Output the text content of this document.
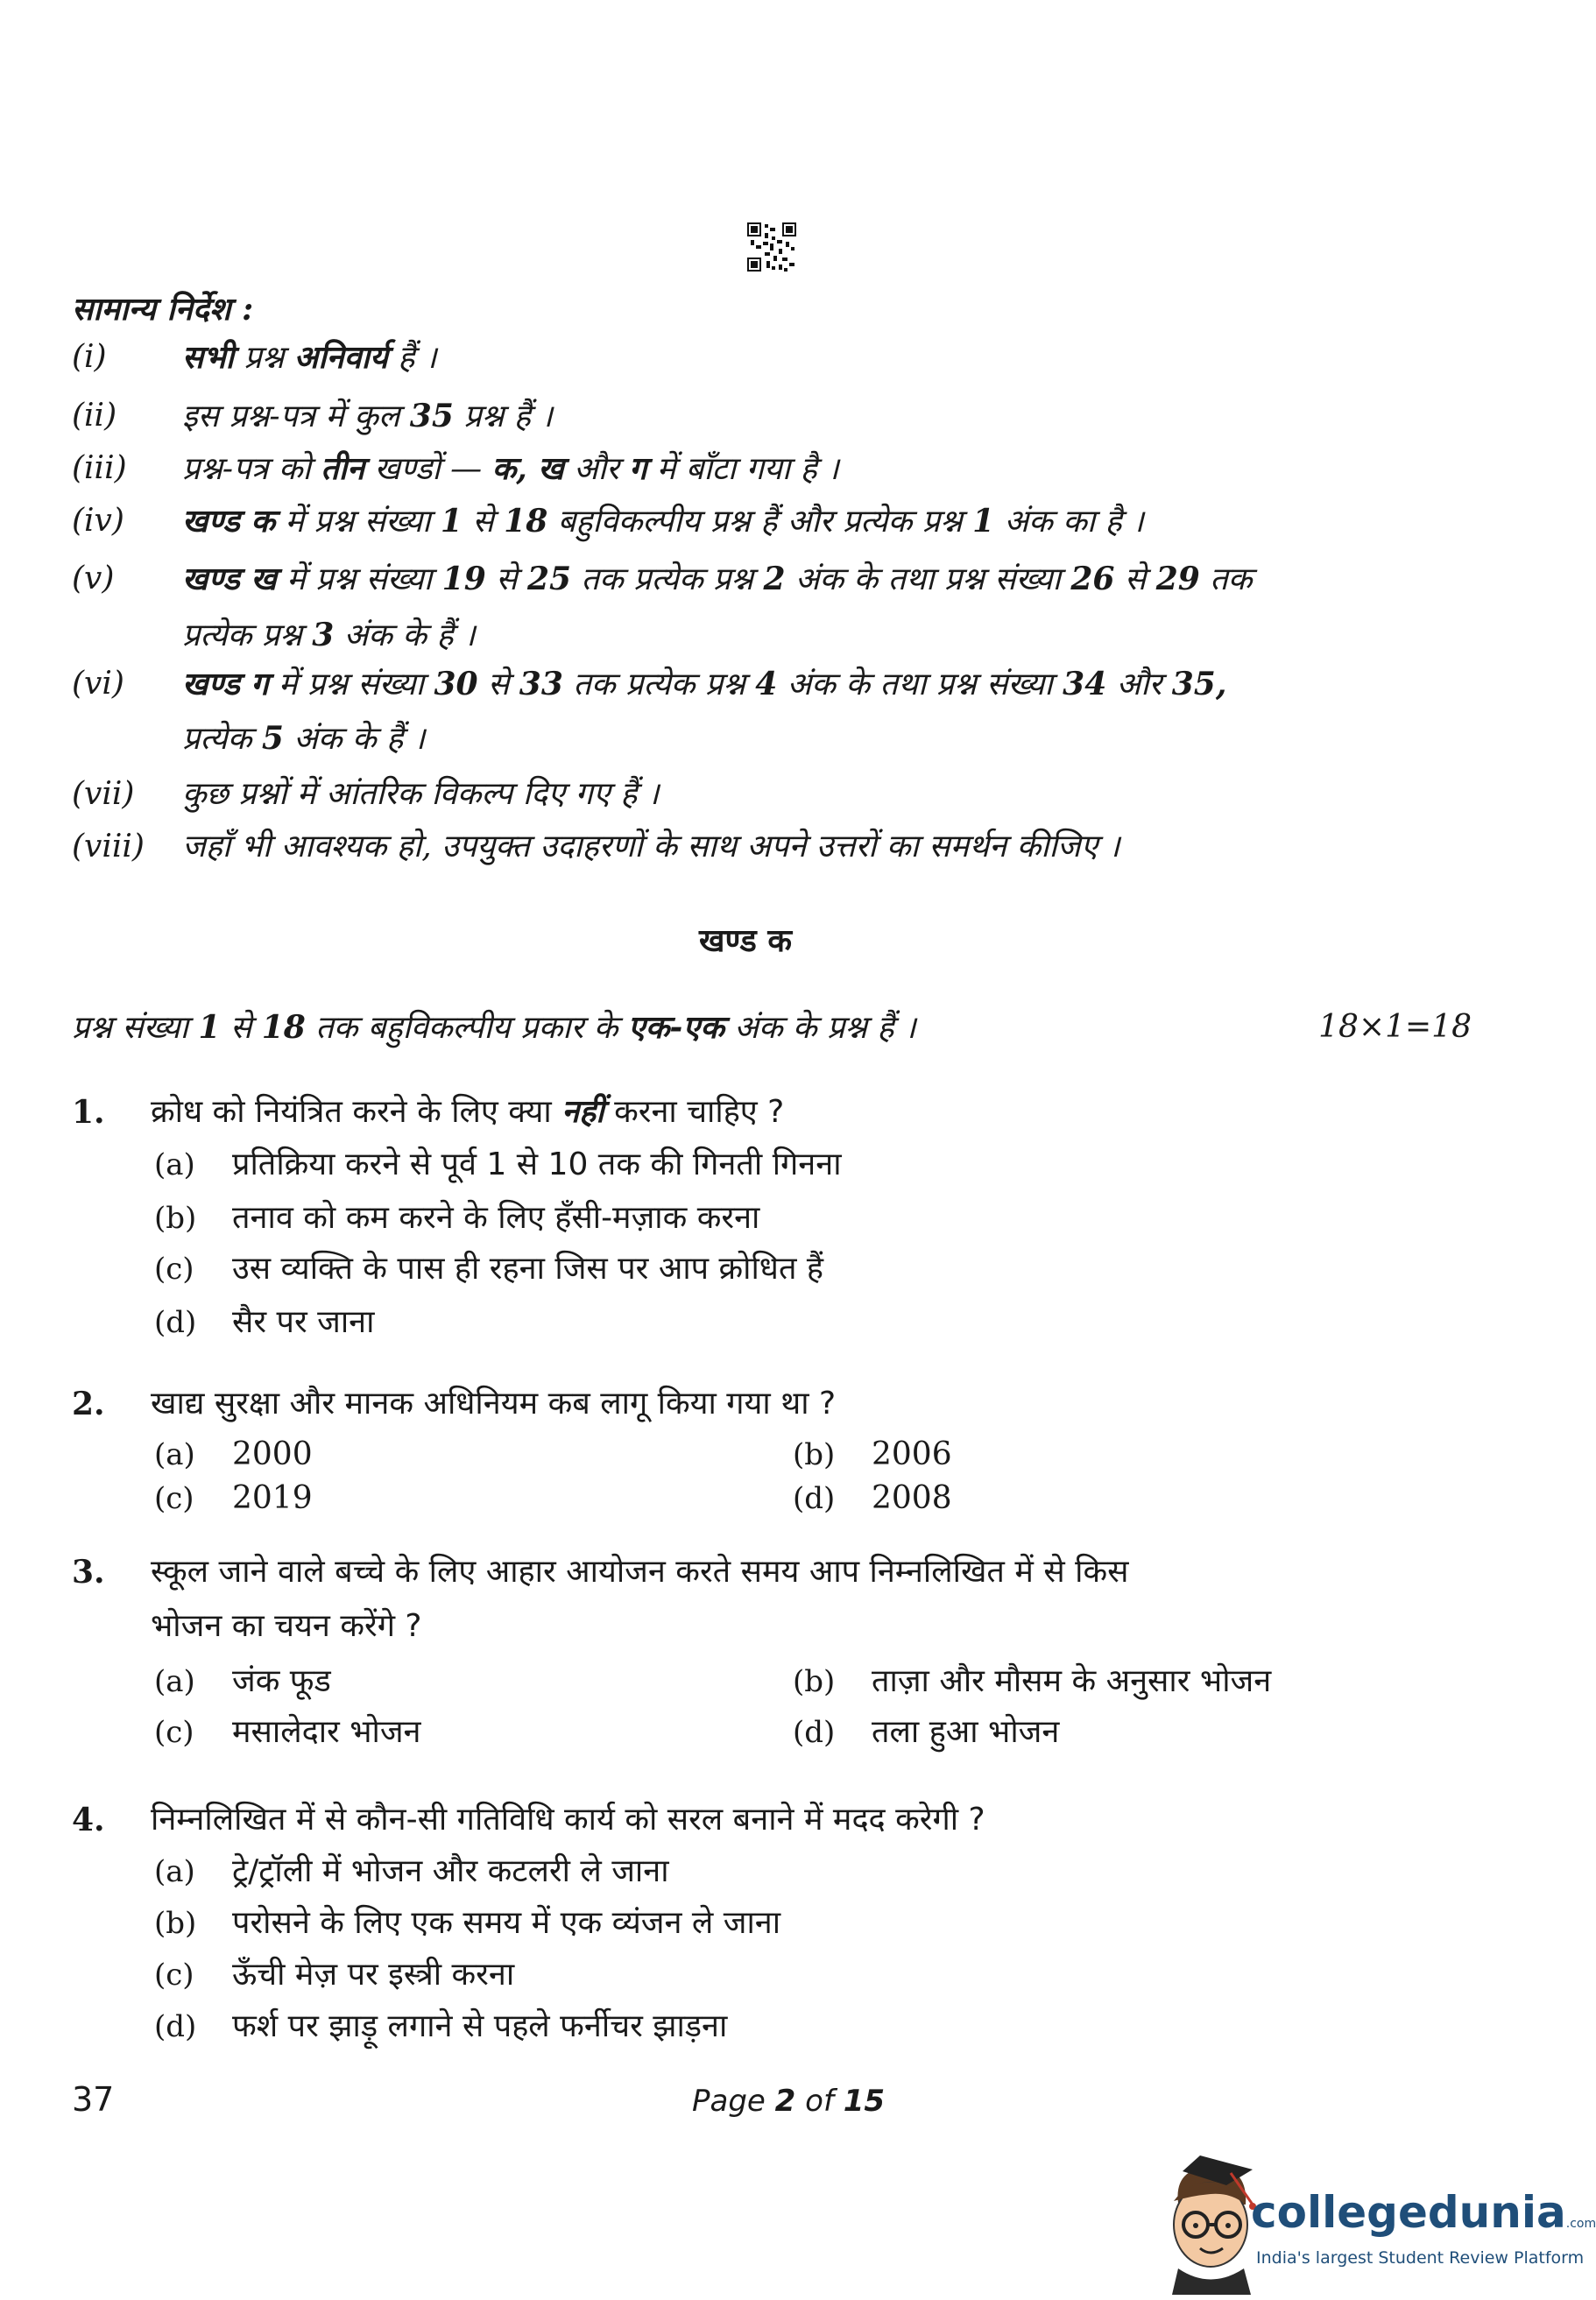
सामान्य निर्देश :
(i) सभी प्रश्न अनिवार्य हैं ।
(ii) इस प्रश्न-पत्र में कुल 35 प्रश्न हैं ।
(iii) प्रश्न-पत्र को तीन खण्डों — क, ख और ग में बाँटा गया है ।
(iv) खण्ड क में प्रश्न संख्या 1 से 18 बहुविकल्पीय प्रश्न हैं और प्रत्येक प्रश्न 1 अंक का है ।
(v) खण्ड ख में प्रश्न संख्या 19 से 25 तक प्रत्येक प्रश्न 2 अंक के तथा प्रश्न संख्या 26 से 29 तक
प्रत्येक प्रश्न 3 अंक के हैं ।
(vi) खण्ड ग में प्रश्न संख्या 30 से 33 तक प्रत्येक प्रश्न 4 अंक के तथा प्रश्न संख्या 34 और 35,
प्रत्येक 5 अंक के हैं ।
(vii) कुछ प्रश्नों में आंतरिक विकल्प दिए गए हैं ।
(viii) जहाँ भी आवश्यक हो, उपयुक्त उदाहरणों के साथ अपने उत्तरों का समर्थन कीजिए ।
खण्ड क
प्रश्न संख्या 1 से 18 तक बहुविकल्पीय प्रकार के एक-एक अंक के प्रश्न हैं ।	18×1=18
1. क्रोध को नियंत्रित करने के लिए क्या नहीं करना चाहिए ?
(a) प्रतिक्रिया करने से पूर्व 1 से 10 तक की गिनती गिनना
(b) तनाव को कम करने के लिए हँसी-मज़ाक करना
(c) उस व्यक्ति के पास ही रहना जिस पर आप क्रोधित हैं
(d) सैर पर जाना
2. खाद्य सुरक्षा और मानक अधिनियम कब लागू किया गया था ?
(a) 2000	(b) 2006
(c) 2019	(d) 2008
3. स्कूल जाने वाले बच्चे के लिए आहार आयोजन करते समय आप निम्नलिखित में से किस
भोजन का चयन करेंगे ?
(a) जंक फूड	(b) ताज़ा और मौसम के अनुसार भोजन
(c) मसालेदार भोजन	(d) तला हुआ भोजन
4. निम्नलिखित में से कौन-सी गतिविधि कार्य को सरल बनाने में मदद करेगी ?
(a) ट्रे/ट्रॉली में भोजन और कटलरी ले जाना
(b) परोसने के लिए एक समय में एक व्यंजन ले जाना
(c) ऊँची मेज़ पर इस्त्री करना
(d) फर्श पर झाड़ू लगाने से पहले फर्नीचर झाड़ना
37	Page 2 of 15
collegedunia.com
India's largest Student Review Platform
